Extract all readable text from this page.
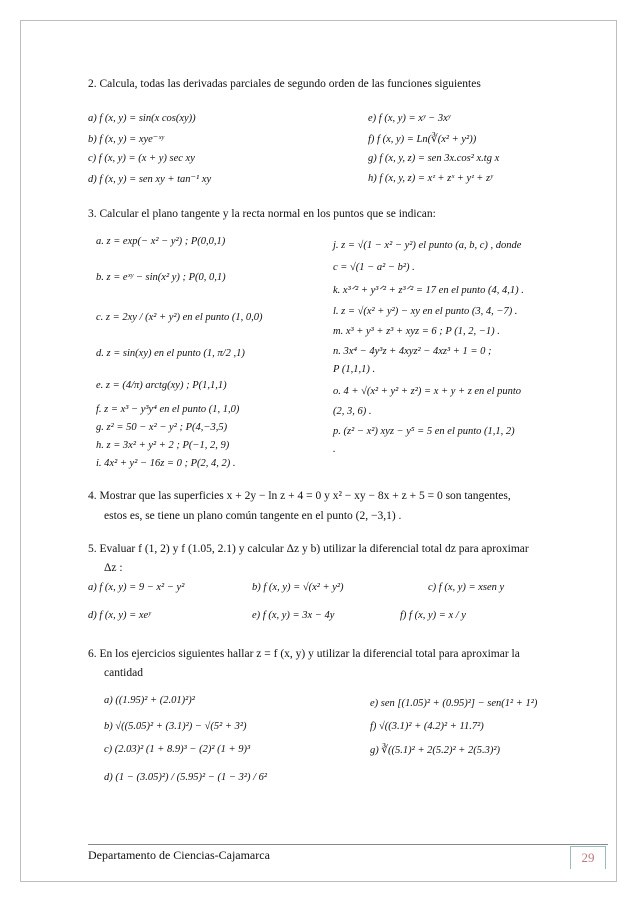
2. Calcula, todas las derivadas parciales de segundo orden de las funciones siguientes
a) f (x, y) = sin(x cos(xy))
b) f (x, y) = xye⁻ˣʸ
c) f (x, y) = (x + y) sec xy
d) f (x, y) = sen xy + tan⁻¹ xy
e) f (x, y) = xʸ − 3xʸ
f) f (x, y) = Ln(∛(x² + y²))
g) f (x, y, z) = sen 3x.cos² x.tg x
h) f (x, y, z) = xᶻ + zˣ + yᶻ + zʸ
3. Calcular el plano tangente y la recta normal en los puntos que se indican:
a. z = exp(− x² − y²) ; P(0,0,1)
b. z = eˣʸ − sin(x² y) ; P(0, 0,1)
c. z = 2xy / (x² + y²) en el punto (1, 0,0)
d. z = sin(xy) en el punto (1, π/2 ,1)
e. z = (4/π) arctg(xy) ; P(1,1,1)
f. z = x³ − y³y⁴ en el punto (1, 1,0)
g. z² = 50 − x² − y² ; P(4,−3,5)
h. z = 3x² + y² + 2 ; P(−1, 2, 9)
i. 4x² + y² − 16z = 0 ; P(2, 4, 2) .
j. z = √(1 − x² − y²) el punto (a, b, c) , donde
c = √(1 − a² − b²) .
k. x³ᐟ² + y³ᐟ² + z³ᐟ² = 17 en el punto (4, 4,1) .
l. z = √(x² + y²) − xy en el punto (3, 4, −7) .
m. x³ + y³ + z³ + xyz = 6 ; P (1, 2, −1) .
n. 3x⁴ − 4y³z + 4xyz² − 4xz³ + 1 = 0 ;
P (1,1,1) .
o. 4 + √(x² + y² + z²) = x + y + z en el punto
(2, 3, 6) .
p. (z² − x²) xyz − y⁵ = 5 en el punto (1,1, 2)
.
4. Mostrar que las superficies x + 2y − ln z + 4 = 0 y x² − xy − 8x + z + 5 = 0 son tangentes,
estos es, se tiene un plano común tangente en el punto (2, −3,1) .
5. Evaluar f (1, 2) y f (1.05, 2.1) y calcular Δz y b) utilizar la diferencial total dz para aproximar
Δz :
a) f (x, y) = 9 − x² − y²	b) f (x, y) = √(x² + y²)	c) f (x, y) = xsen y
d) f (x, y) = xeʸ	e) f (x, y) = 3x − 4y	f) f (x, y) = x / y
6. En los ejercicios siguientes hallar z = f (x, y) y utilizar la diferencial total para aproximar la
cantidad
a) ((1.95)² + (2.01)²)²
b) √((5.05)² + (3.1)²) − √(5² + 3²)
c) (2.03)² (1 + 8.9)³ − (2)² (1 + 9)³
d) (1 − (3.05)²) / (5.95)² − (1 − 3²) / 6²
e) sen [(1.05)² + (0.95)²] − sen(1² + 1²)
f) √((3.1)² + (4.2)² + 11.7²)
g) ∛((5.1)² + 2(5.2)² + 2(5.3)²)
Departamento de Ciencias-Cajamarca	29
